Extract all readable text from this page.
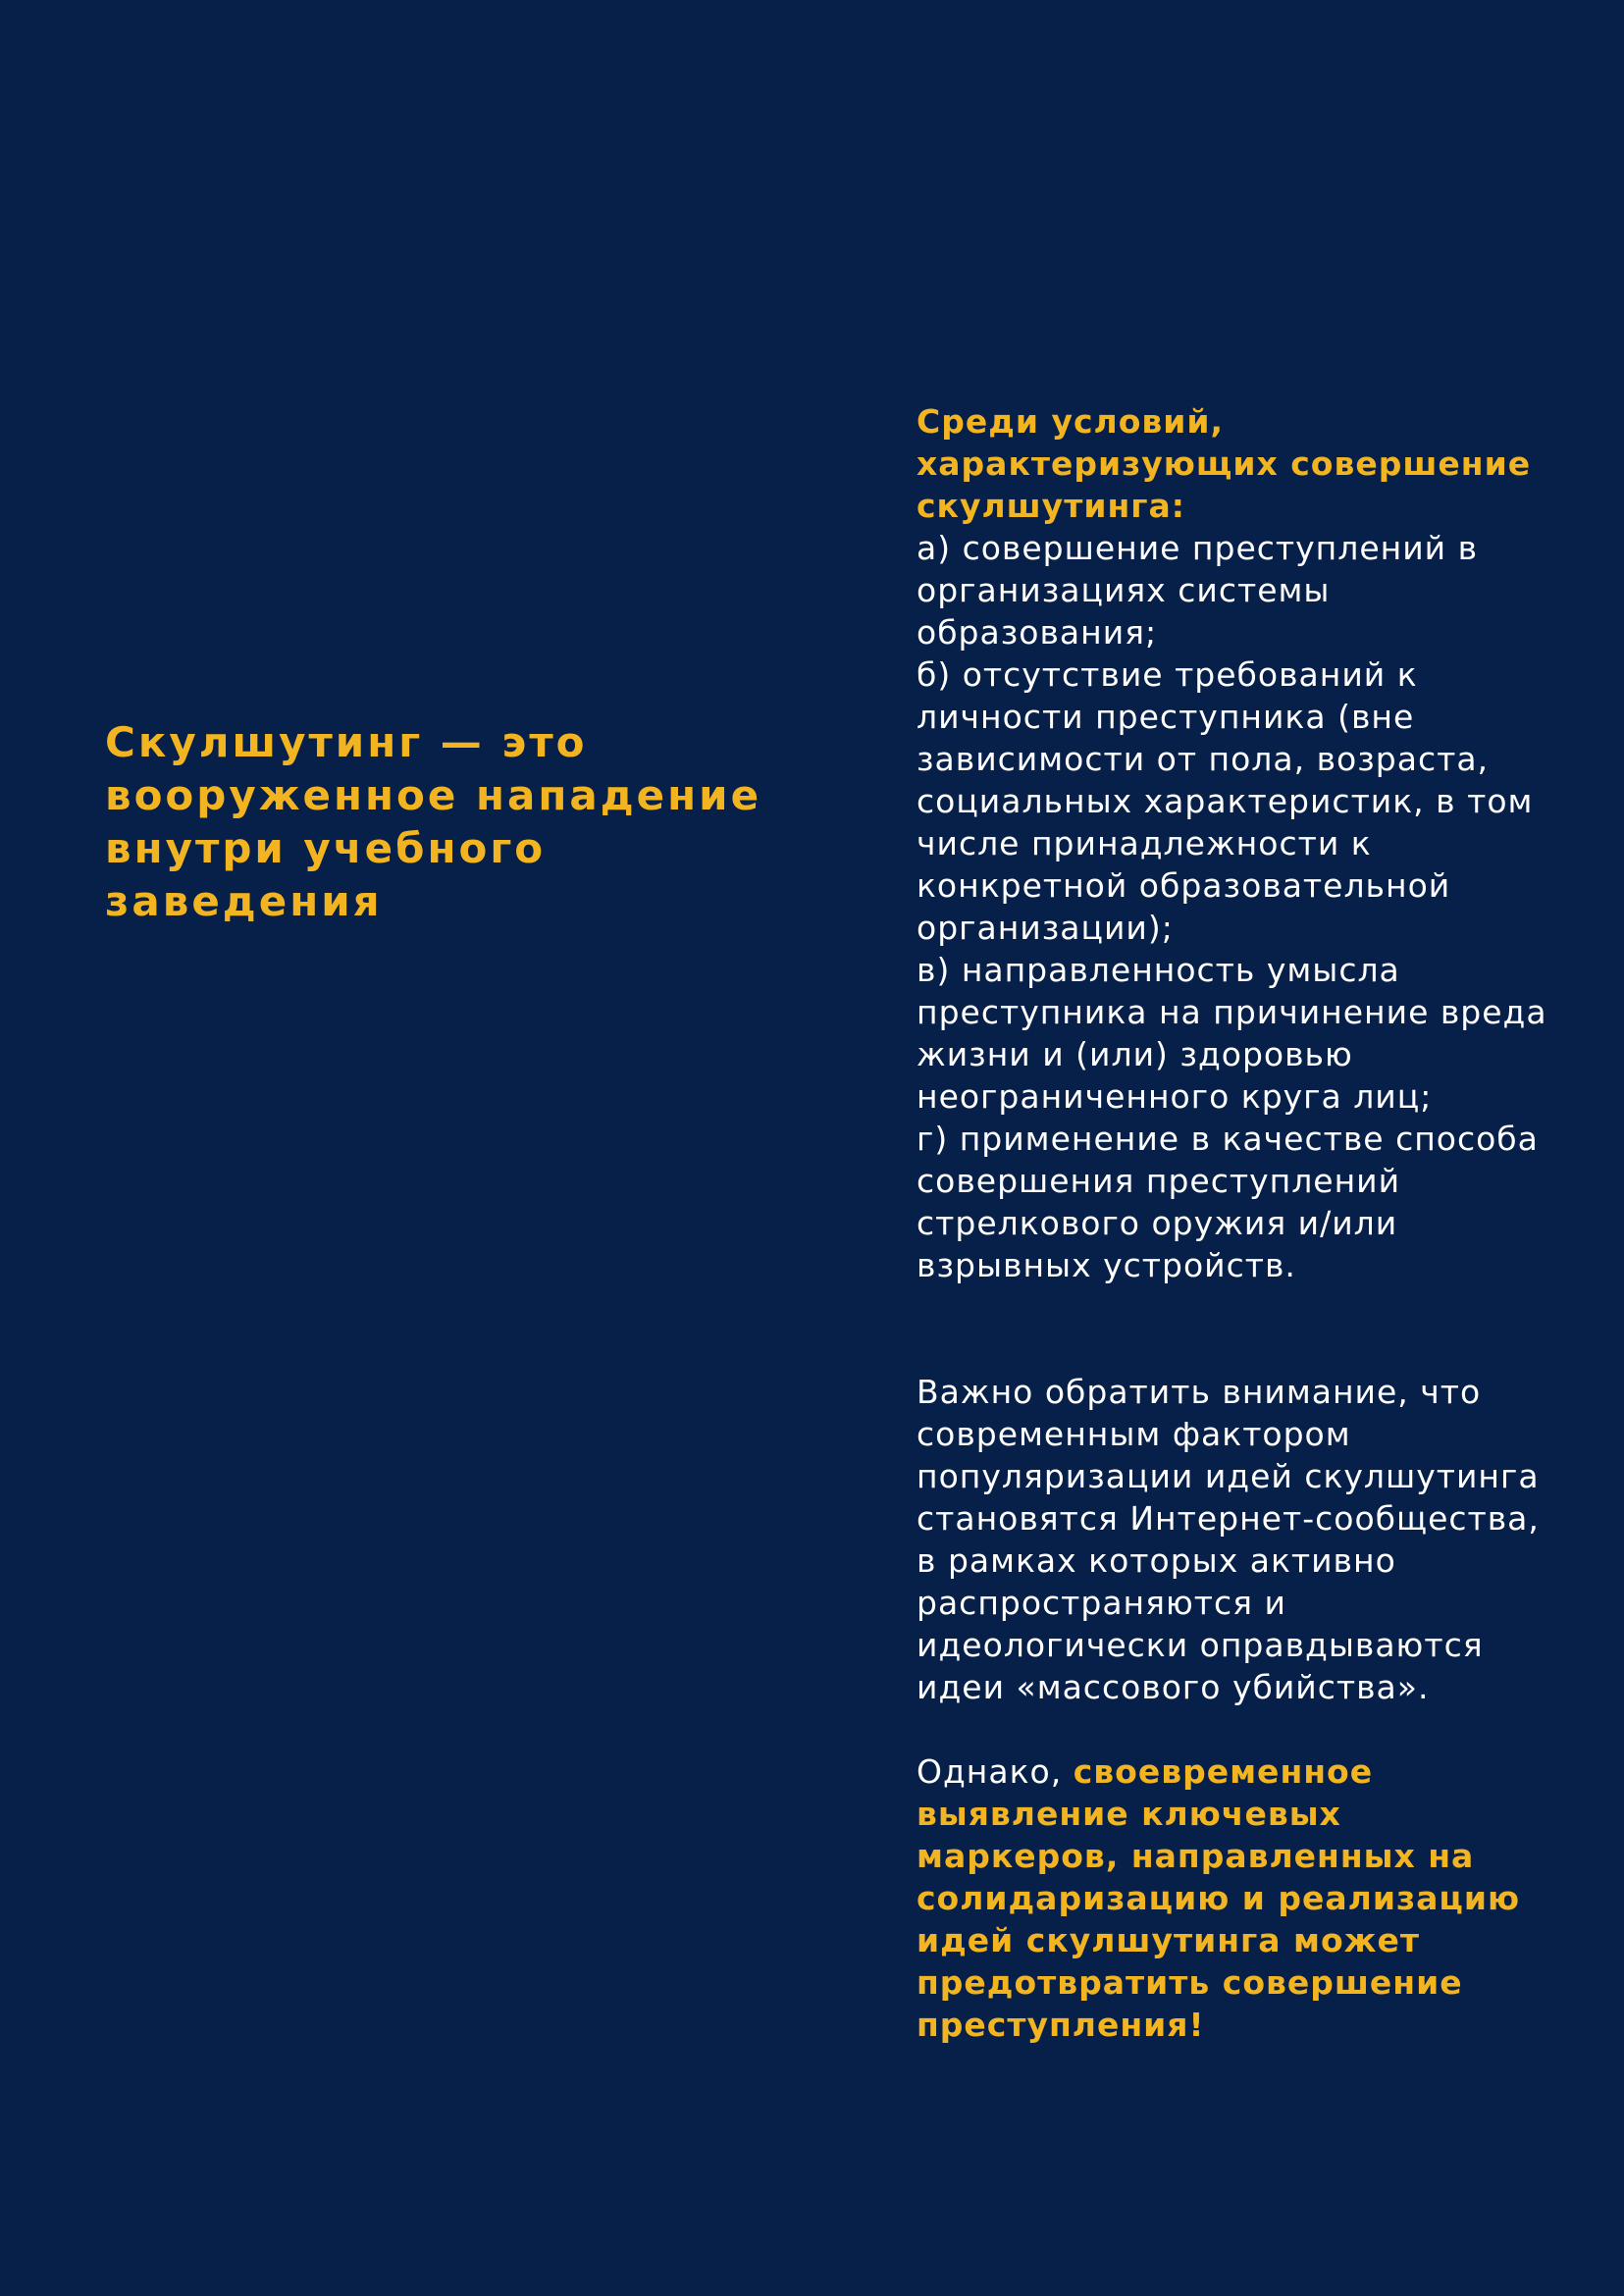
Скулшутинг — это вооруженное нападение внутри учебного заведения

Среди условий, характеризующих совершение скулшутинга:

а) совершение преступлений в организациях системы образования;

б) отсутствие требований к личности преступника (вне зависимости от пола, возраста, социальных характеристик, в том числе принадлежности к конкретной образовательной организации);

в) направленность умысла преступника на причинение вреда жизни и (или) здоровью неограниченного круга лиц;

г) применение в качестве способа совершения преступлений стрелкового оружия и/или взрывных устройств.

Важно обратить внимание, что современным фактором популяризации идей скулшутинга становятся Интернет-сообщества, в рамках которых активно распространяются и идеологически оправдываются идеи «массового убийства».

Однако, своевременное выявление ключевых маркеров, направленных на солидаризацию и реализацию идей скулшутинга может предотвратить совершение преступления!
